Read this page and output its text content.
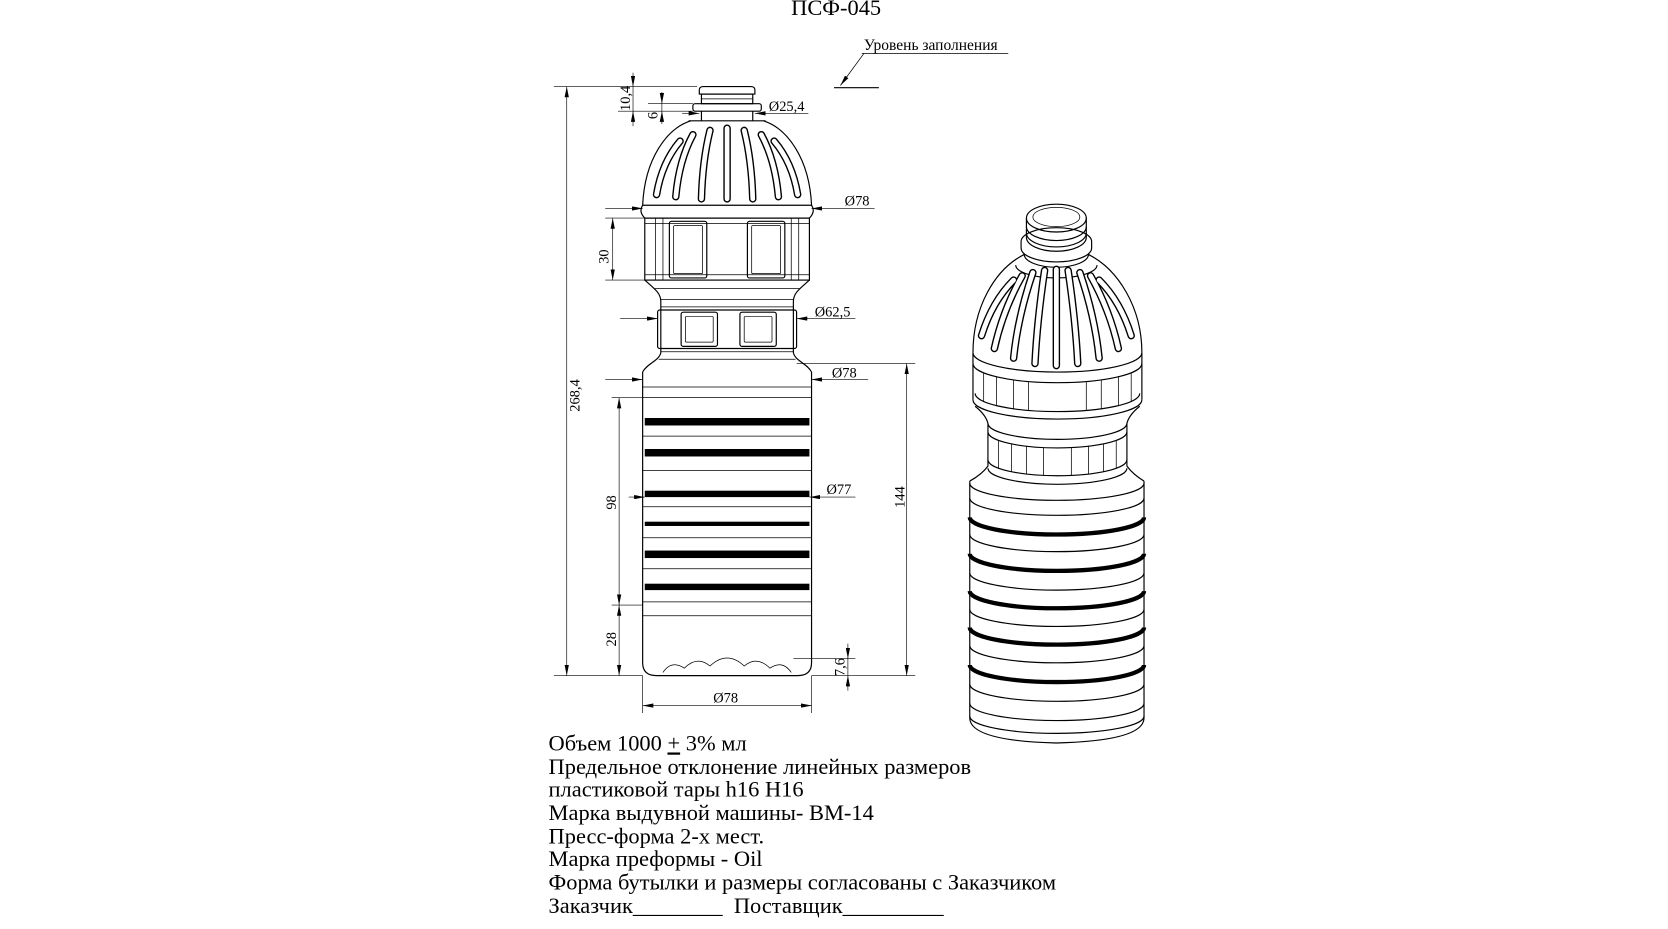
ПСФ-045
Уровень заполнения
268,4
10,4
6
Ø25,4
Ø78
30
Ø62,5
Ø78
98
Ø77	144
28
7,6
Ø78
Объем 1000 + 3% мл
Предельное отклонение линейных размеров
пластиковой тары h16 H16
Марка выдувной машины- ВМ-14
Пресс-форма 2-х мест.
Марка преформы - Oil
Форма бутылки и размеры согласованы с Заказчиком
Заказчик________  Поставщик_________
